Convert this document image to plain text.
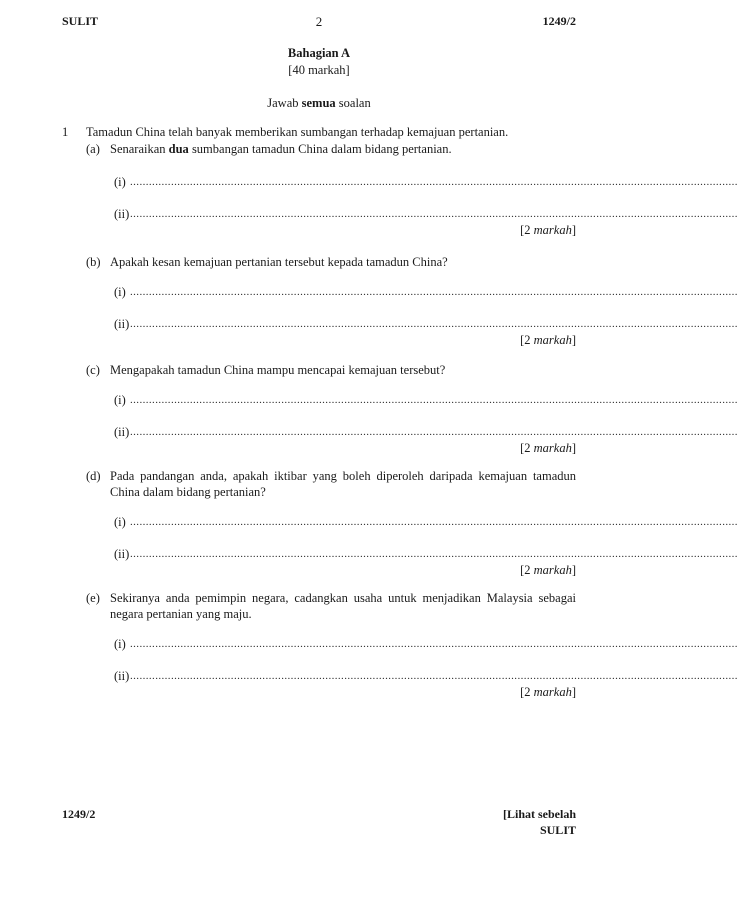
SULIT	2	1249/2
Bahagian A
[40 markah]
Jawab semua soalan
1 Tamadun China telah banyak memberikan sumbangan terhadap kemajuan pertanian.
(a) Senaraikan dua sumbangan tamadun China dalam bidang pertanian.
(i) .................................................................................................................................................................................................
(ii) .................................................................................................................................................................................................
[2 markah]
(b) Apakah kesan kemajuan pertanian tersebut kepada tamadun China?
(i) .................................................................................................................................................................................................
(ii) .................................................................................................................................................................................................
[2 markah]
(c) Mengapakah tamadun China mampu mencapai kemajuan tersebut?
(i) .................................................................................................................................................................................................
(ii) .................................................................................................................................................................................................
[2 markah]
(d) Pada pandangan anda, apakah iktibar yang boleh diperoleh daripada kemajuan tamadun China dalam bidang pertanian?
(i) .................................................................................................................................................................................................
(ii) .................................................................................................................................................................................................
[2 markah]
(e) Sekiranya anda pemimpin negara, cadangkan usaha untuk menjadikan Malaysia sebagai negara pertanian yang maju.
(i) .................................................................................................................................................................................................
(ii) .................................................................................................................................................................................................
[2 markah]
1249/2	[Lihat sebelah
SULIT
